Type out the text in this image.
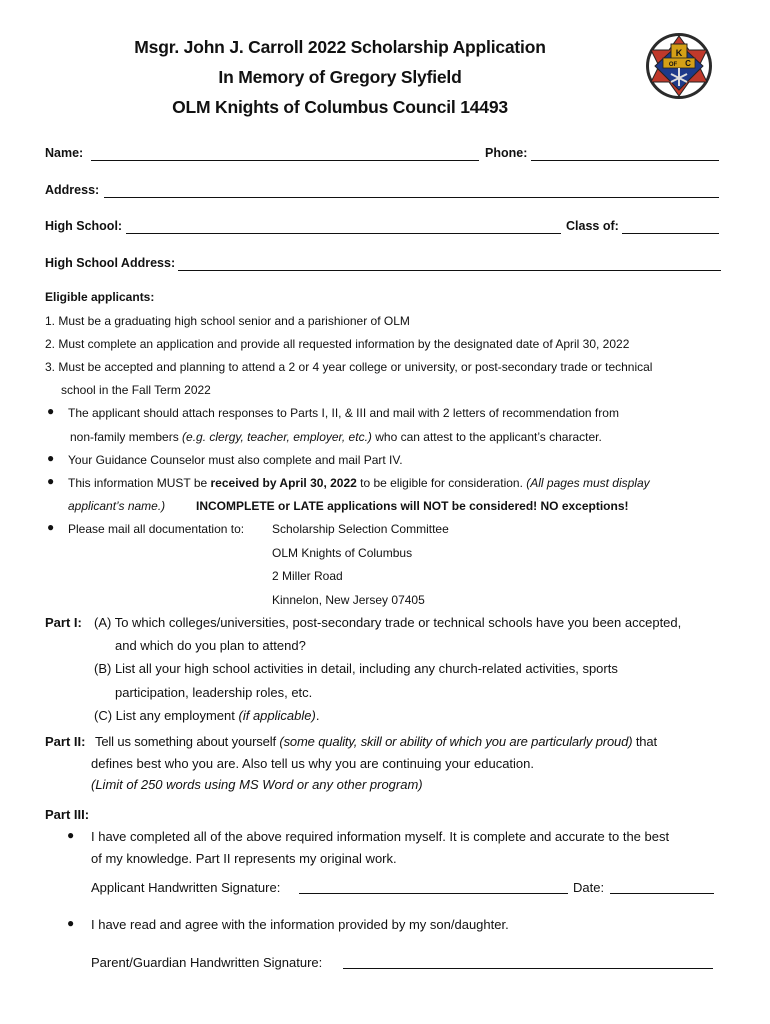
Msgr. John J. Carroll 2022 Scholarship Application
In Memory of Gregory Slyfield
OLM Knights of Columbus Council 14493
K
OF C
Name:	Phone:
Address:
High School:	Class of:
High School Address:
Eligible applicants:
1. Must be a graduating high school senior and a parishioner of OLM
2. Must complete an application and provide all requested information by the designated date of April 30, 2022
3. Must be accepted and planning to attend a 2 or 4 year college or university, or post-secondary trade or technical
school in the Fall Term 2022
● The applicant should attach responses to Parts I, II, & III and mail with 2 letters of recommendation from
non-family members (e.g. clergy, teacher, employer, etc.) who can attest to the applicant’s character.
● Your Guidance Counselor must also complete and mail Part IV.
● This information MUST be received by April 30, 2022 to be eligible for consideration. (All pages must display
applicant’s name.)	INCOMPLETE or LATE applications will NOT be considered! NO exceptions!
● Please mail all documentation to: Scholarship Selection Committee
OLM Knights of Columbus
2 Miller Road
Kinnelon, New Jersey 07405
Part I: (A) To which colleges/universities, post-secondary trade or technical schools have you been accepted,
and which do you plan to attend?
(B) List all your high school activities in detail, including any church-related activities, sports
participation, leadership roles, etc.
(C) List any employment (if applicable).
Part II: Tell us something about yourself (some quality, skill or ability of which you are particularly proud) that
defines best who you are. Also tell us why you are continuing your education.
(Limit of 250 words using MS Word or any other program)
Part III:
● I have completed all of the above required information myself. It is complete and accurate to the best
of my knowledge. Part II represents my original work.
Applicant Handwritten Signature:	Date:
● I have read and agree with the information provided by my son/daughter.
Parent/Guardian Handwritten Signature:
